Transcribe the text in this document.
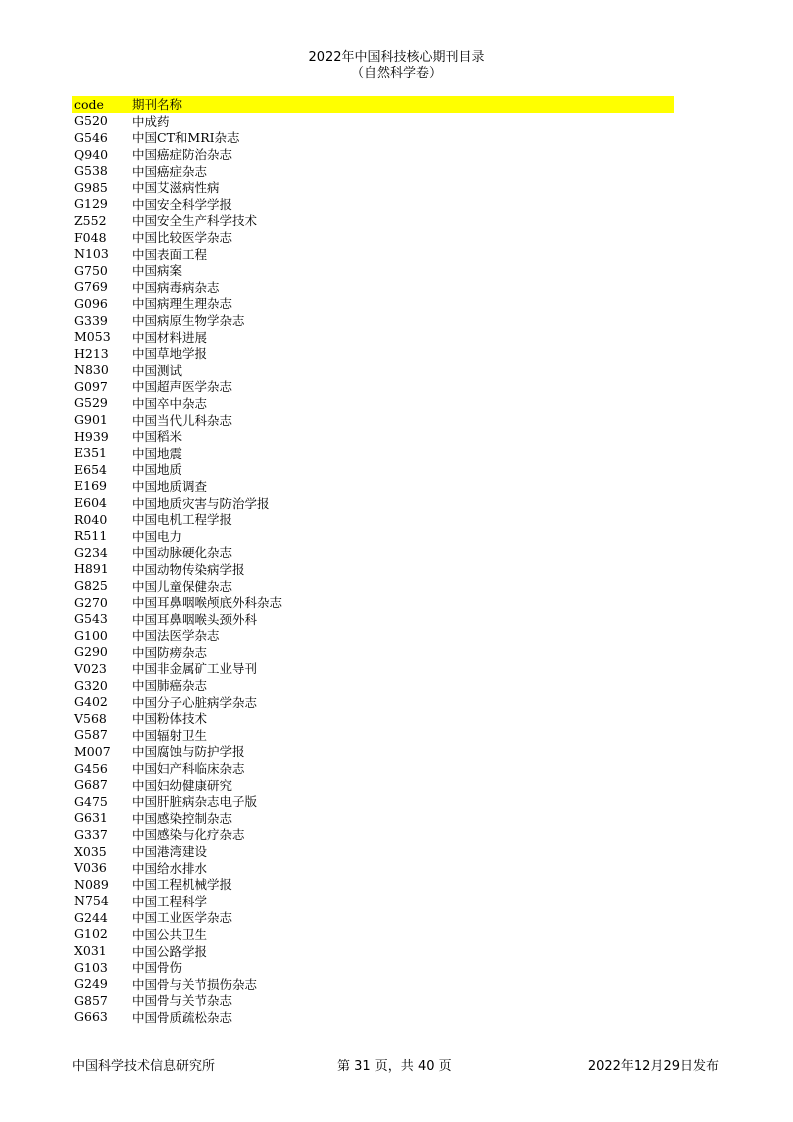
2022年中国科技核心期刊目录
（自然科学卷）
code	期刊名称
G520	中成药
G546	中国CT和MRI杂志
Q940	中国癌症防治杂志
G538	中国癌症杂志
G985	中国艾滋病性病
G129	中国安全科学学报
Z552	中国安全生产科学技术
F048	中国比较医学杂志
N103	中国表面工程
G750	中国病案
G769	中国病毒病杂志
G096	中国病理生理杂志
G339	中国病原生物学杂志
M053	中国材料进展
H213	中国草地学报
N830	中国测试
G097	中国超声医学杂志
G529	中国卒中杂志
G901	中国当代儿科杂志
H939	中国稻米
E351	中国地震
E654	中国地质
E169	中国地质调查
E604	中国地质灾害与防治学报
R040	中国电机工程学报
R511	中国电力
G234	中国动脉硬化杂志
H891	中国动物传染病学报
G825	中国儿童保健杂志
G270	中国耳鼻咽喉颅底外科杂志
G543	中国耳鼻咽喉头颈外科
G100	中国法医学杂志
G290	中国防痨杂志
V023	中国非金属矿工业导刊
G320	中国肺癌杂志
G402	中国分子心脏病学杂志
V568	中国粉体技术
G587	中国辐射卫生
M007	中国腐蚀与防护学报
G456	中国妇产科临床杂志
G687	中国妇幼健康研究
G475	中国肝脏病杂志电子版
G631	中国感染控制杂志
G337	中国感染与化疗杂志
X035	中国港湾建设
V036	中国给水排水
N089	中国工程机械学报
N754	中国工程科学
G244	中国工业医学杂志
G102	中国公共卫生
X031	中国公路学报
G103	中国骨伤
G249	中国骨与关节损伤杂志
G857	中国骨与关节杂志
G663	中国骨质疏松杂志
中国科学技术信息研究所	第 31 页，共 40 页	2022年12月29日发布
